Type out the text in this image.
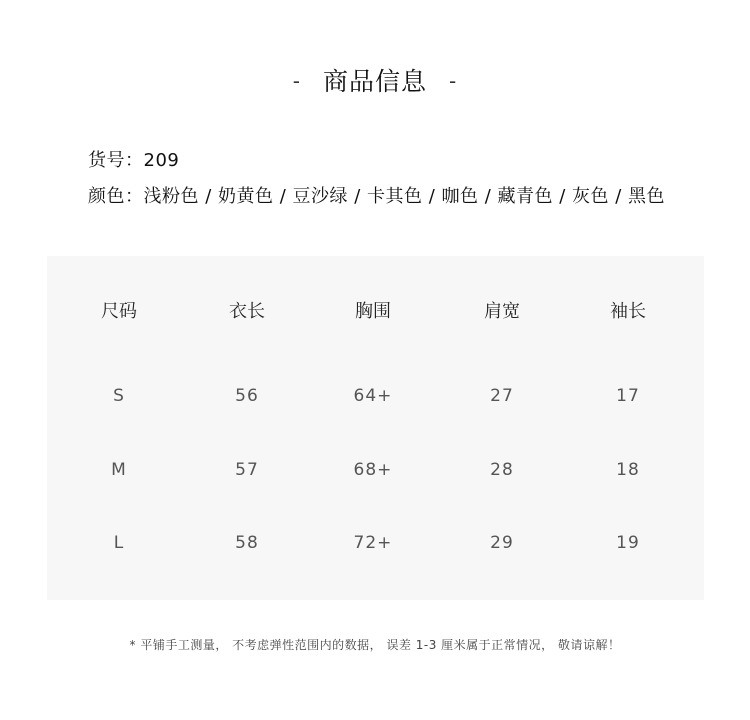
- 商品信息 -
货号：209
颜色：浅粉色 / 奶黄色 / 豆沙绿 / 卡其色 / 咖色 / 藏青色 / 灰色 / 黑色
尺码	衣长	胸围	肩宽	袖长
S	56	64+	27	17
M	57	68+	28	18
L	58	72+	29	19
* 平铺手工测量， 不考虑弹性范围内的数据， 误差 1-3 厘米属于正常情况， 敬请谅解！
